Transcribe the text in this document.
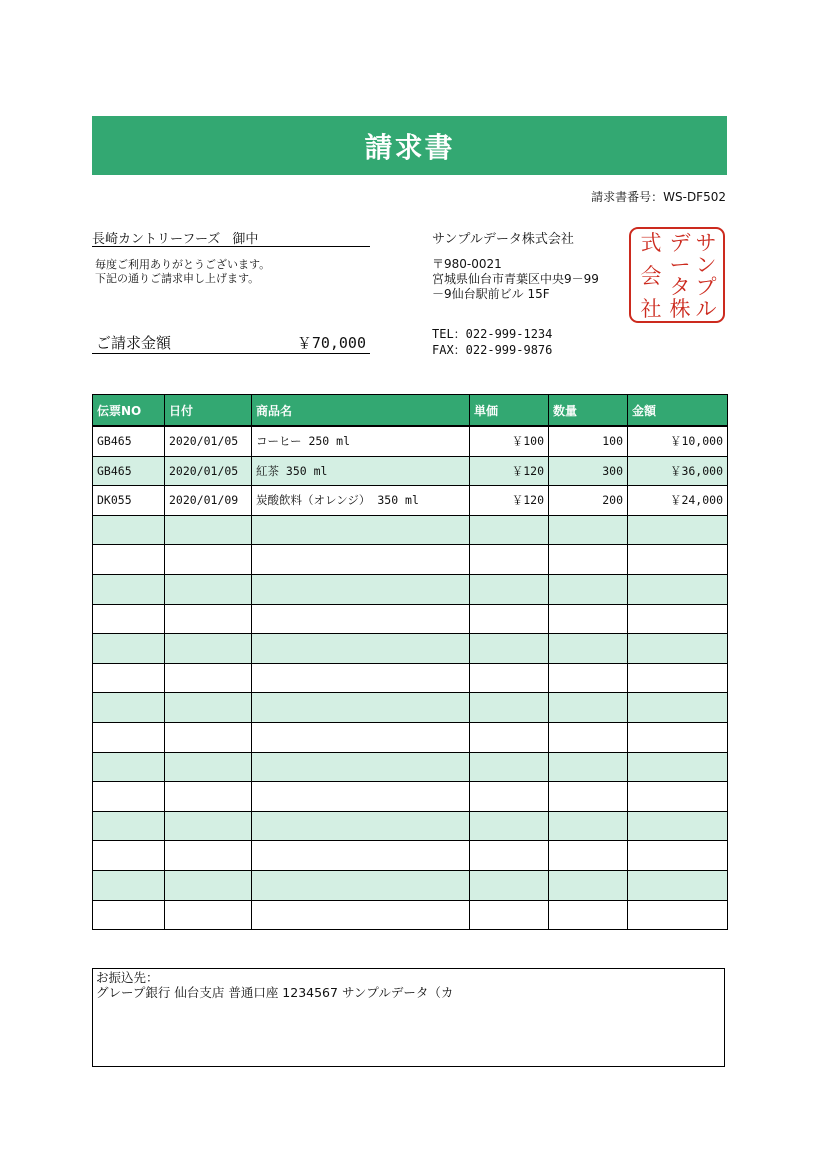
請求書
請求書番号：WS-DF502
長崎カントリーフーズ 御中
毎度ご利用ありがとうございます。
下記の通りご請求申し上げます。
ご請求金額	￥70,000
サンプルデータ株式会社
〒980-0021
宮城県仙台市青葉区中央9－99
－9仙台駅前ビル 15F
TEL：022-999-1234
FAX：022-999-9876
サ
ン
プ
ル
デ
ー
タ
株
式
会
社
伝票NO	日付	商品名	単価	数量	金額
GB465	2020/01/05	コーヒー 250 ml	￥100	100	￥10,000
GB465	2020/01/05	紅茶 350 ml	￥120	300	￥36,000
DK055	2020/01/09	炭酸飲料（オレンジ） 350 ml	￥120	200	￥24,000

お振込先：
グレープ銀行 仙台支店 普通口座 1234567 サンプルデータ（カ
